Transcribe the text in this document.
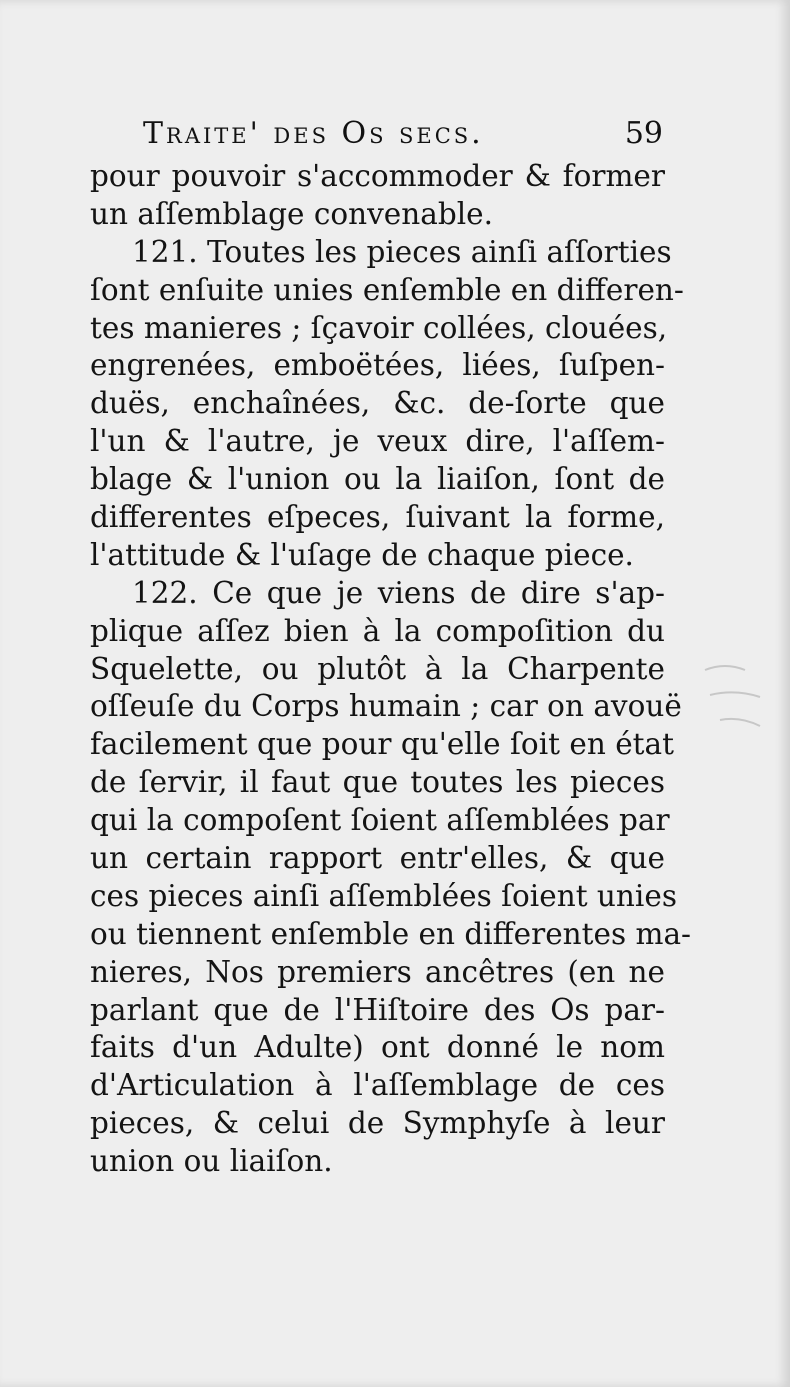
Traite' des Os secs.	59
pour pouvoir s'accommoder & former
un aſſemblage convenable.
121. Toutes les pieces ainſi aſſorties
ſont enſuite unies enſemble en differen-
tes manieres ; ſçavoir collées, clouées,
engrenées, emboëtées, liées, ſuſpen-
duës, enchaînées, &c. de-ſorte que
l'un & l'autre, je veux dire, l'aſſem-
blage & l'union ou la liaiſon, ſont de
differentes eſpeces, ſuivant la forme,
l'attitude & l'uſage de chaque piece.
122. Ce que je viens de dire s'ap-
plique aſſez bien à la compoſition du
Squelette, ou plutôt à la Charpente
oſſeuſe du Corps humain ; car on avouë
facilement que pour qu'elle ſoit en état
de ſervir, il faut que toutes les pieces
qui la compoſent ſoient aſſemblées par
un certain rapport entr'elles, & que
ces pieces ainſi aſſemblées ſoient unies
ou tiennent enſemble en differentes ma-
nieres, Nos premiers ancêtres (en ne
parlant que de l'Hiſtoire des Os par-
faits d'un Adulte) ont donné le nom
d'Articulation à l'aſſemblage de ces
pieces, & celui de Symphyſe à leur
union ou liaiſon.
